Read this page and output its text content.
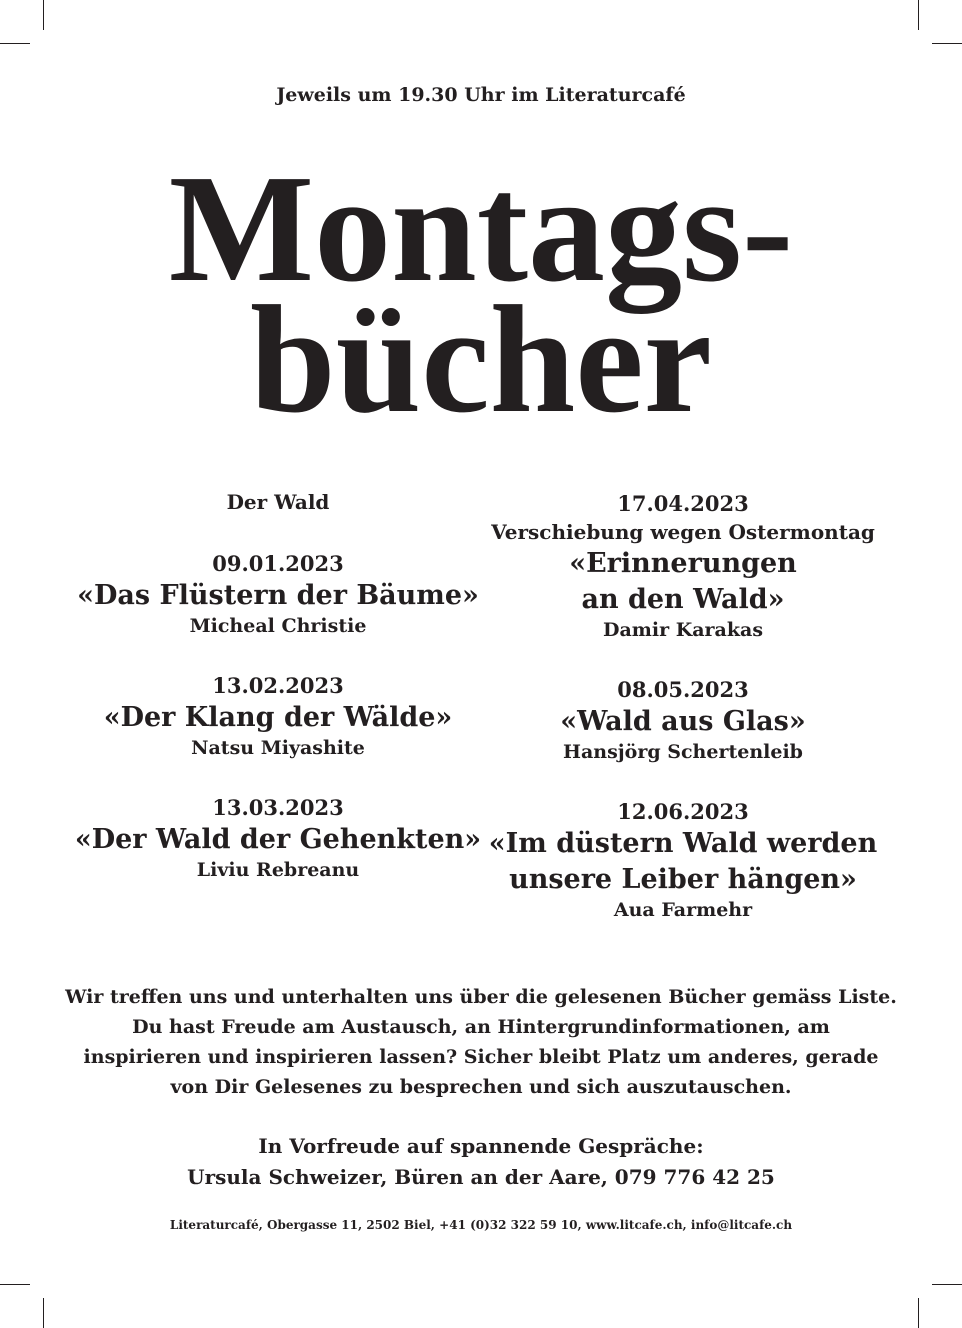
Jeweils um 19.30 Uhr im Literaturcafé
Montags-
bücher
Der Wald
09.01.2023
«Das Flüstern der Bäume»
Micheal Christie
13.02.2023
«Der Klang der Wälde»
Natsu Miyashite
13.03.2023
«Der Wald der Gehenkten»
Liviu Rebreanu
17.04.2023
Verschiebung wegen Ostermontag
«Erinnerungen
an den Wald»
Damir Karakas
08.05.2023
«Wald aus Glas»
Hansjörg Schertenleib
12.06.2023
«Im düstern Wald werden
unsere Leiber hängen»
Aua Farmehr
Wir treffen uns und unterhalten uns über die gelesenen Bücher gemäss Liste.
Du hast Freude am Austausch, an Hintergrundinformationen, am
inspirieren und inspirieren lassen? Sicher bleibt Platz um anderes, gerade
von Dir Gelesenes zu besprechen und sich auszutauschen.
In Vorfreude auf spannende Gespräche:
Ursula Schweizer, Büren an der Aare, 079 776 42 25
Literaturcafé, Obergasse 11, 2502 Biel, +41 (0)32 322 59 10, www.litcafe.ch, info@litcafe.ch
